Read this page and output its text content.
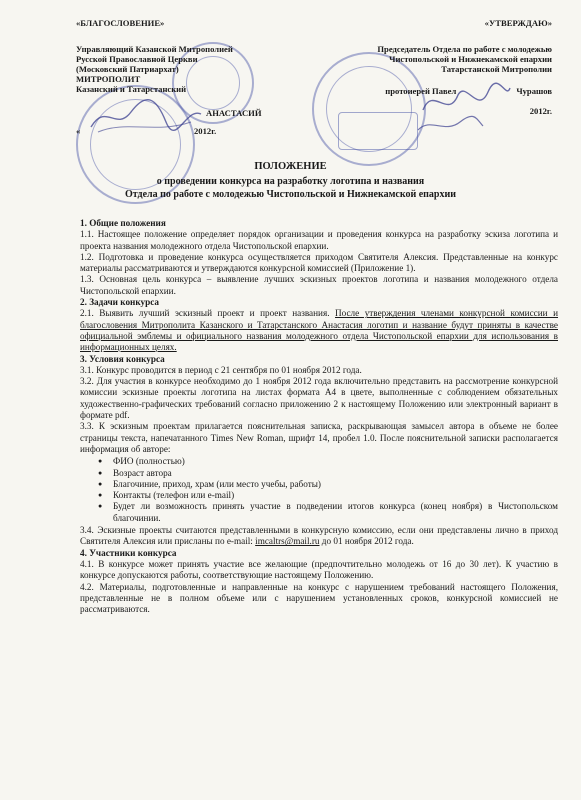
«БЛАГОСЛОВЕНИЕ»
Управляющий Казанской Митрополией
Русской Православной Церкви
(Московский Патриархат)
МИТРОПОЛИТ
Казанский и Татарстанский
АНАСТАСИЙ
«	2012г.
«УТВЕРЖДАЮ»
Председатель Отдела по работе с молодежью
Чистопольской и Нижнекамской епархии
Татарстанской Митрополии
протоиерей Павел	Чурашов
2012г.
ПОЛОЖЕНИЕ
о проведении конкурса на разработку логотипа и названия
Отдела по работе с молодежью Чистопольской и Нижнекамской епархии

1. Общие положения

1.1. Настоящее положение определяет порядок организации и проведения конкурса на разработку эскиза логотипа и проекта названия молодежного отдела Чистопольской епархии.

1.2. Подготовка и проведение конкурса осуществляется приходом Святителя Алексия. Представленные на конкурс материалы рассматриваются и утверждаются конкурсной комиссией (Приложение 1).

1.3. Основная цель конкурса – выявление лучших эскизных проектов логотипа и названия молодежного отдела Чистопольской епархии.

2. Задачи конкурса

2.1. Выявить лучший эскизный проект и проект названия. После утверждения членами конкурсной комиссии и благословения Митрополита Казанского и Татарстанского Анастасия логотип и название будут приняты в качестве официальной эмблемы и официального названия молодежного отдела Чистопольской епархии для использования в информационных целях.

3. Условия конкурса

3.1. Конкурс проводится в период с 21 сентября по 01 ноября 2012 года.

3.2. Для участия в конкурсе необходимо до 1 ноября 2012 года включительно представить на рассмотрение конкурсной комиссии эскизные проекты логотипа на листах формата А4 в цвете, выполненные с соблюдением обязательных художественно-графических требований согласно приложению 2 к настоящему Положению или электронный вариант в формате pdf.

3.3. К эскизным проектам прилагается пояснительная записка, раскрывающая замысел автора в объеме не более страницы текста, напечатанного Times New Roman, шрифт 14, пробел 1.0. После пояснительной записки располагается информация об авторе:

● ФИО (полностью)
● Возраст автора
● Благочиние, приход, храм (или место учебы, работы)
● Контакты (телефон или e-mail)
● Будет ли возможность принять участие в подведении итогов конкурса (конец ноября) в Чистопольском благочинии.

3.4. Эскизные проекты считаются представленными в конкурсную комиссию, если они представлены лично в приход Святителя Алексия или присланы по e-mail: imcaltrs@mail.ru до 01 ноября 2012 года.

4. Участники конкурса

4.1. В конкурсе может принять участие все желающие (предпочтительно молодежь от 16 до 30 лет). К участию в конкурсе допускаются работы, соответствующие настоящему Положению.

4.2. Материалы, подготовленные и направленные на конкурс с нарушением требований настоящего Положения, представленные не в полном объеме или с нарушением установленных сроков, конкурсной комиссией не рассматриваются.
